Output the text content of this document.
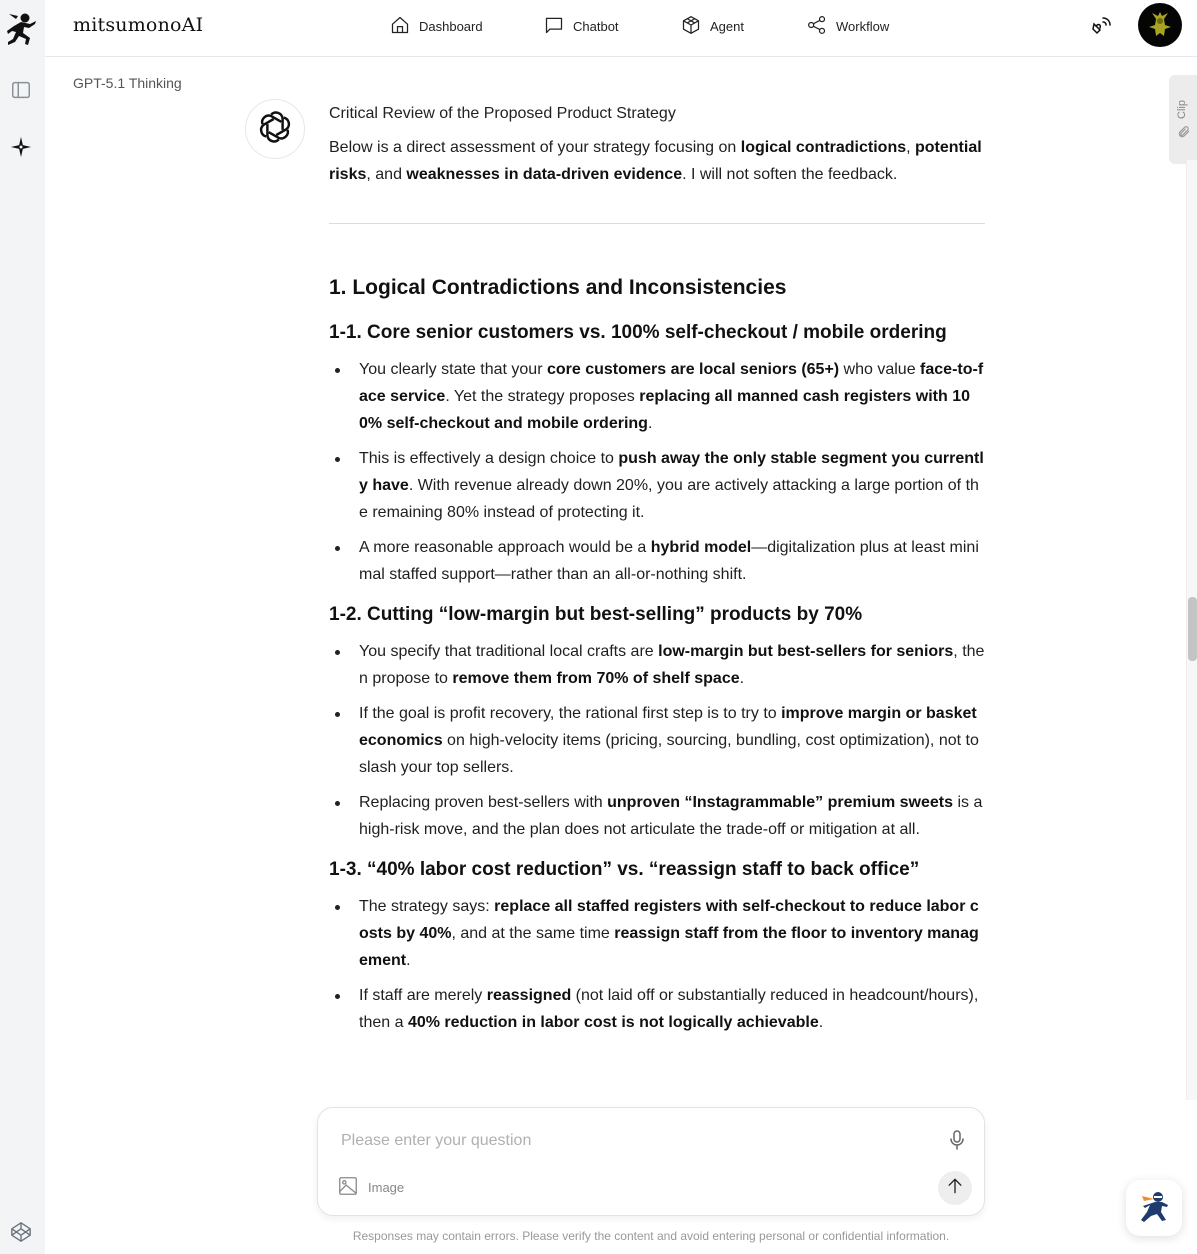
mitsumonoAI	Dashboard	Chatbot	Agent	Workflow
GPT-5.1 Thinking
Critical Review of the Proposed Product Strategy

Below is a direct assessment of your strategy focusing on logical contradictions, potential risks, and weaknesses in data-driven evidence. I will not soften the feedback.

1. Logical Contradictions and Inconsistencies
1-1. Core senior customers vs. 100% self-checkout / mobile ordering
You clearly state that your core customers are local seniors (65+) who value face-to-face service. Yet the strategy proposes replacing all manned cash registers with 100% self-checkout and mobile ordering.
This is effectively a design choice to push away the only stable segment you currently have. With revenue already down 20%, you are actively attacking a large portion of the remaining 80% instead of protecting it.
A more reasonable approach would be a hybrid model—digitalization plus at least minimal staffed support—rather than an all-or-nothing shift.
1-2. Cutting “low-margin but best-selling” products by 70%
You specify that traditional local crafts are low-margin but best-sellers for seniors, then propose to remove them from 70% of shelf space.
If the goal is profit recovery, the rational first step is to try to improve margin or basket economics on high-velocity items (pricing, sourcing, bundling, cost optimization), not to slash your top sellers.
Replacing proven best-sellers with unproven “Instagrammable” premium sweets is a high-risk move, and the plan does not articulate the trade-off or mitigation at all.
1-3. “40% labor cost reduction” vs. “reassign staff to back office”
The strategy says: replace all staffed registers with self-checkout to reduce labor costs by 40%, and at the same time reassign staff from the floor to inventory management.
If staff are merely reassigned (not laid off or substantially reduced in headcount/hours), then a 40% reduction in labor cost is not logically achievable.
Clip
Please enter your question
Image
Responses may contain errors. Please verify the content and avoid entering personal or confidential information.
